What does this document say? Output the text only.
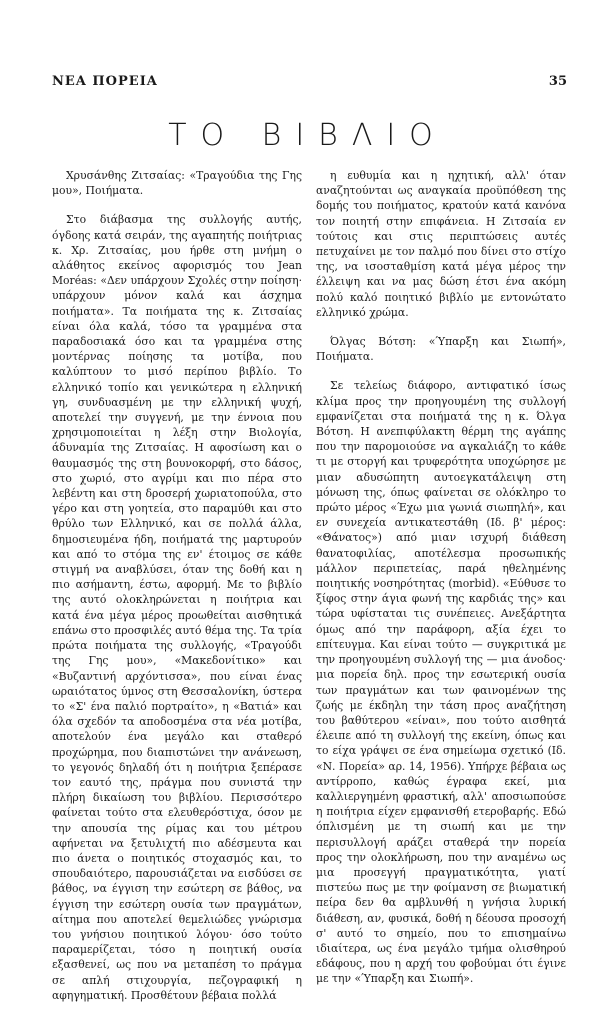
ΝΕΑ ΠΟΡΕΙΑ	35
ΤΟ ΒΙΒΛΙΟ

Χρυσάνθης Ζιτσαίας: «Τραγούδια της Γης μου», Ποιήματα.

Στο διάβασμα της συλλογής αυτής, όγδοης κατά σειράν, της αγαπητής ποιήτριας κ. Χρ. Ζιτσαίας, μου ήρθε στη μνήμη ο αλάθητος εκείνος αφορισμός του Jean Moréas: «Δεν υπάρχουν Σχολές στην ποίηση· υπάρχουν μόνον καλά και άσχημα ποιήματα». Τα ποιήματα της κ. Ζιτσαίας είναι όλα καλά, τόσο τα γραμμένα στα παραδοσιακά όσο και τα γραμμένα στης μοντέρνας ποίησης τα μοτίβα, που καλύπτουν το μισό περίπου βιβλίο. Το ελληνικό τοπίο και γενικώτερα η ελληνική γη, συνδυασμένη με την ελληνική ψυχή, αποτελεί την συγγενή, με την έννοια που χρησιμοποιείται η λέξη στην Βιολογία, άδυναμία της Ζιτσαίας. Η αφοσίωση και ο θαυμασμός της στη βουνοκορφή, στο δάσος, στο χωριό, στο αγρίμι και πιο πέρα στο λεβέντη και στη δροσερή χωριατοπούλα, στο γέρο και στη γοητεία, στο παραμύθι και στο θρύλο των Ελληνικό, και σε πολλά άλλα, δημοσιευμένα ήδη, ποιήματά της μαρτυρούν και από το στόμα της εν' έτοιμος σε κάθε στιγμή να αναβλύσει, όταν της δοθή και η πιο ασήμαντη, έστω, αφορμή. Με το βιβλίο της αυτό ολοκληρώνεται η ποιήτρια και κατά ένα μέγα μέρος προωθείται αισθητικά επάνω στο προσφιλές αυτό θέμα της. Τα τρία πρώτα ποιήματα της συλλογής, «Τραγούδι της Γης μου», «Μακεδονίτικο» και «Βυζαντινή αρχόντισσα», που είναι ένας ωραιότατος ύμνος στη Θεσσαλονίκη, ύστερα το «Σ' ένα παλιό πορτραίτο», η «Βατιά» και όλα σχεδόν τα αποδοσμένα στα νέα μοτίβα, αποτελούν ένα μεγάλο και σταθερό προχώρημα, που διαπιστώνει την ανάνεωση, το γεγονός δηλαδή ότι η ποιήτρια ξεπέρασε τον εαυτό της, πράγμα που συνιστά την πλήρη δικαίωση του βιβλίου. Περισσότερο φαίνεται τούτο στα ελευθερόστιχα, όσον με την απουσία της ρίμας και του μέτρου αφήνεται να ξετυλιχτή πιο αδέσμευτα και πιο άνετα ο ποιητικός στοχασμός και, το σπουδαιότερο, παρουσιάζεται να εισδύσει σε βάθος, να έγγιση την εσώτερη σε βάθος, να έγγιση την εσώτερη ουσία των πραγμάτων, αίτημα που αποτελεί θεμελιώδες γνώρισμα του γνήσιου ποιητικού λόγου· όσο τούτο παραμερίζεται, τόσο η ποιητική ουσία εξασθενεί, ως που να μεταπέση το πράγμα σε απλή στιχουργία, πεζογραφική η αφηγηματική. Προσθέτουν βέβαια πολλά

η ευθυμία και η ηχητική, αλλ' όταν αναζητούνται ως αναγκαία προϋπόθεση της δομής του ποιήματος, κρατούν κατά κανόνα τον ποιητή στην επιφάνεια. Η Ζιτσαία εν τούτοις και στις περιπτώσεις αυτές πετυχαίνει με τον παλμό που δίνει στο στίχο της, να ισοσταθμίση κατά μέγα μέρος την έλλειψη και να μας δώση έτσι ένα ακόμη πολύ καλό ποιητικό βιβλίο με εντονώτατο ελληνικό χρώμα.

Όλγας Βότση: «Ύπαρξη και Σιωπή», Ποιήματα.

Σε τελείως διάφορο, αντιφατικό ίσως κλίμα προς την προηγουμένη της συλλογή εμφανίζεται στα ποιήματά της η κ. Όλγα Βότση. Η ανεπιφύλακτη θέρμη της αγάπης που την παρομοιούσε να αγκαλιάζη το κάθε τι με στοργή και τρυφερότητα υποχώρησε με μιαν αδυσώπητη αυτοεγκατάλειψη στη μόνωση της, όπως φαίνεται σε ολόκληρο το πρώτο μέρος «Έχω μια γωνιά σιωπηλή», και εν συνεχεία αντικατεστάθη (Ιδ. β' μέρος: «Θάνατος») από μιαν ισχυρή διάθεση θανατοφιλίας, αποτέλεσμα προσωπικής μάλλον περιπετείας, παρά ηθελημένης ποιητικής νοσηρότητας (morbid). «Εύθυσε το ξίφος στην άγια φωνή της καρδιάς της» και τώρα υφίσταται τις συνέπειες. Ανεξάρτητα όμως από την παράφορη, αξία έχει το επίτευγμα. Και είναι τούτο — συγκριτικά με την προηγουμένη συλλογή της — μια άνοδος· μια πορεία δηλ. προς την εσωτερική ουσία των πραγμάτων και των φαινομένων της ζωής με έκδηλη την τάση προς αναζήτηση του βαθύτερου «είναι», που τούτο αισθητά έλειπε από τη συλλογή της εκείνη, όπως και το είχα γράψει σε ένα σημείωμα σχετικό (Ιδ. «Ν. Πορεία» αρ. 14, 1956). Υπήρχε βέβαια ως αντίρροπο, καθώς έγραφα εκεί, μια καλλιεργημένη φραστική, αλλ' αποσιωπούσε η ποιήτρια είχεν εμφανισθή ετεροβαρής. Εδώ όπλισμένη με τη σιωπή και με την περισυλλογή αράζει σταθερά την πορεία προς την ολοκλήρωση, που την αναμένω ως μια προσεγγή πραγματικότητα, γιατί πιστεύω πως με την φοίμανση σε βιωματική πείρα δεν θα αμβλυνθή η γνήσια λυρική διάθεση, αν, φυσικά, δοθή η δέουσα προσοχή σ' αυτό το σημείο, που το επισημαίνω ιδιαίτερα, ως ένα μεγάλο τμήμα ολισθηρού εδάφους, που η αρχή του φοβούμαι ότι έγινε με την «Ύπαρξη και Σιωπή».
